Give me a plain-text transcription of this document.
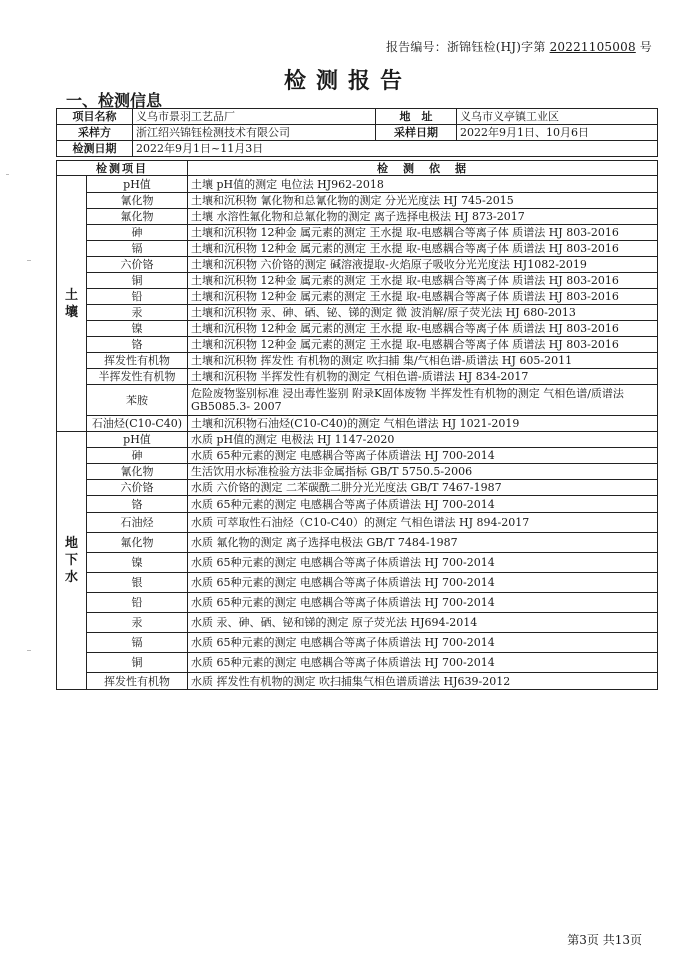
报告编号：浙锦钰检(HJ)字第 20221105008 号
检测报告
一、检测信息
项目名称	义乌市景羽工艺品厂	地　址	义乌市义亭镇工业区
采样方	浙江绍兴锦钰检测技术有限公司	采样日期	2022年9月1日、10月6日
检测日期	2022年9月1日~11月3日		
检测项目		检　测　依　据

土
壤	pH值	土壤 pH值的测定 电位法 HJ962-2018
	氰化物	土壤和沉积物 氰化物和总氰化物的测定 分光光度法 HJ 745-2015
	氟化物	土壤 水溶性氟化物和总氟化物的测定 离子选择电极法 HJ 873-2017
	砷	土壤和沉积物 12种金 属元素的测定 王水提 取-电感耦合等离子体 质谱法 HJ 803-2016
	镉	土壤和沉积物 12种金 属元素的测定 王水提 取-电感耦合等离子体 质谱法 HJ 803-2016
	六价铬	土壤和沉积物 六价铬的测定 碱溶液提取-火焰原子吸收分光光度法 HJ1082-2019
	铜	土壤和沉积物 12种金 属元素的测定 王水提 取-电感耦合等离子体 质谱法 HJ 803-2016
	铅	土壤和沉积物 12种金 属元素的测定 王水提 取-电感耦合等离子体 质谱法 HJ 803-2016
	汞	土壤和沉积物 汞、砷、硒、铋、锑的测定 微 波消解/原子荧光法 HJ 680-2013
	镍	土壤和沉积物 12种金 属元素的测定 王水提 取-电感耦合等离子体 质谱法 HJ 803-2016
	铬	土壤和沉积物 12种金 属元素的测定 王水提 取-电感耦合等离子体 质谱法 HJ 803-2016
	挥发性有机物	土壤和沉积物 挥发性 有机物的测定 吹扫捕 集/气相色谱-质谱法 HJ 605-2011
	半挥发性有机物	土壤和沉积物 半挥发性有机物的测定 气相色谱-质谱法 HJ 834-2017
	苯胺	危险废物鉴别标准 浸出毒性鉴别 附录K固体废物 半挥发性有机物的测定 气相色谱/质谱法 GB5085.3- 2007
	石油烃(C10-C40)	土壤和沉积物石油烃(C10-C40)的测定 气相色谱法 HJ 1021-2019

地
下
水	pH值	水质 pH值的测定 电极法 HJ 1147-2020
	砷	水质 65种元素的测定 电感耦合等离子体质谱法 HJ 700-2014
	氰化物	生活饮用水标准检验方法非金属指标 GB/T 5750.5-2006
	六价铬	水质 六价铬的测定 二苯碳酰二肼分光光度法 GB/T 7467-1987
	铬	水质 65种元素的测定 电感耦合等离子体质谱法 HJ 700-2014
	石油烃	水质 可萃取性石油烃（C10-C40）的测定 气相色谱法 HJ 894-2017
	氟化物	水质 氟化物的测定 离子选择电极法 GB/T 7484-1987
	镍	水质 65种元素的测定 电感耦合等离子体质谱法 HJ 700-2014
	银	水质 65种元素的测定 电感耦合等离子体质谱法 HJ 700-2014
	铅	水质 65种元素的测定 电感耦合等离子体质谱法 HJ 700-2014
	汞	水质 汞、砷、硒、铋和锑的测定 原子荧光法 HJ694-2014
	镉	水质 65种元素的测定 电感耦合等离子体质谱法 HJ 700-2014
	铜	水质 65种元素的测定 电感耦合等离子体质谱法 HJ 700-2014
	挥发性有机物	水质 挥发性有机物的测定 吹扫捕集气相色谱质谱法 HJ639-2012
第3页 共13页
